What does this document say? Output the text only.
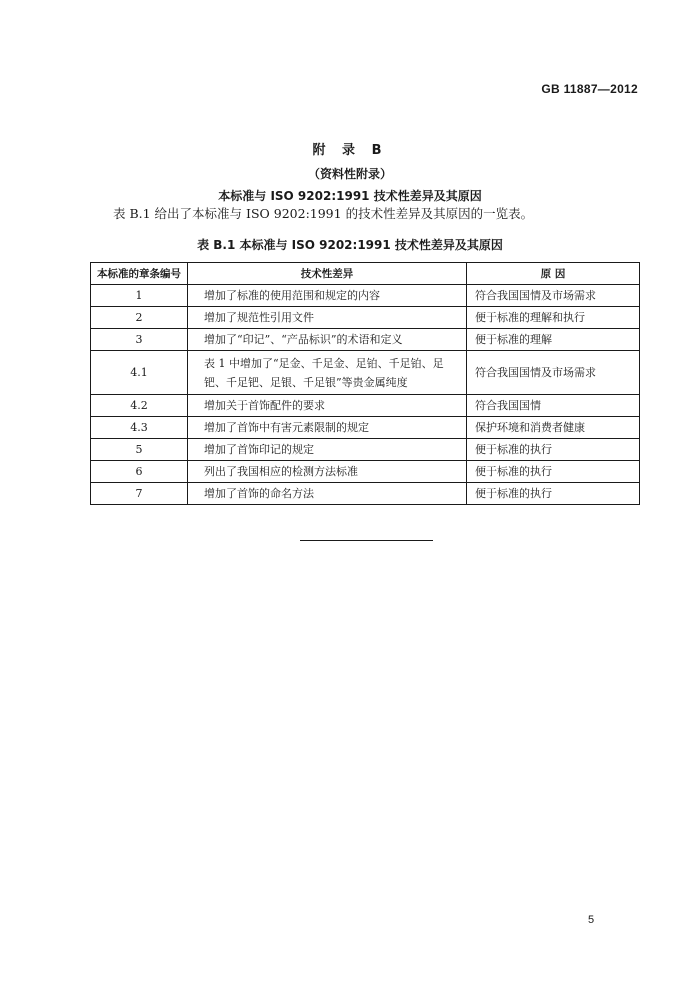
GB 11887—2012
附 录 B
（资料性附录）
本标准与 ISO 9202:1991 技术性差异及其原因
表 B.1 给出了本标准与 ISO 9202:1991 的技术性差异及其原因的一览表。
表 B.1 本标准与 ISO 9202:1991 技术性差异及其原因
本标准的章条编号	技术性差异	原 因
1	增加了标准的使用范围和规定的内容	符合我国国情及市场需求
2	增加了规范性引用文件	便于标准的理解和执行
3	增加了“印记”、“产品标识”的术语和定义	便于标准的理解
4.1	表 1 中增加了“足金、千足金、足铂、千足铂、足钯、千足钯、足银、千足银”等贵金属纯度	符合我国国情及市场需求
4.2	增加关于首饰配件的要求	符合我国国情
4.3	增加了首饰中有害元素限制的规定	保护环境和消费者健康
5	增加了首饰印记的规定	便于标准的执行
6	列出了我国相应的检测方法标准	便于标准的执行
7	增加了首饰的命名方法	便于标准的执行
5
